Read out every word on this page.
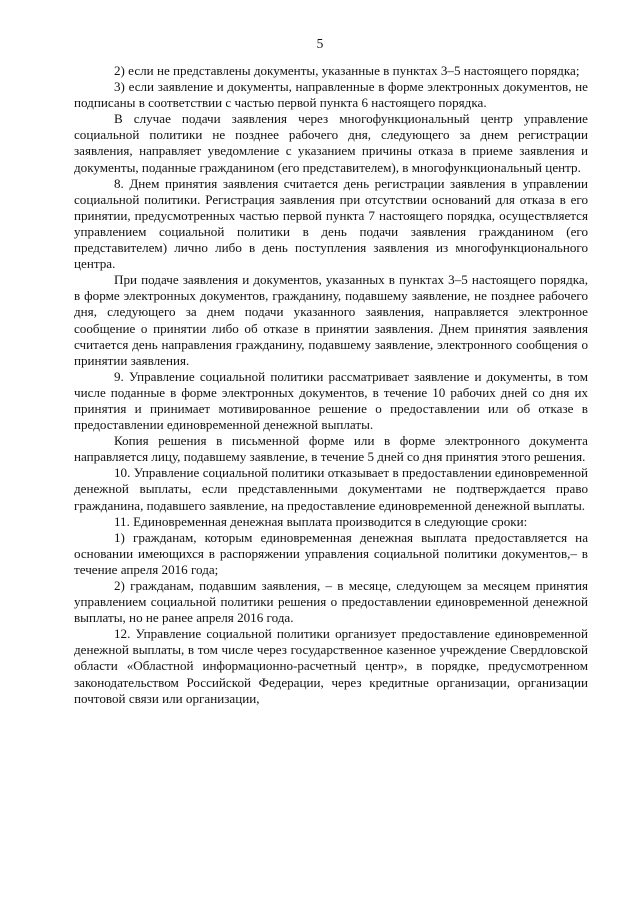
5

2) если не представлены документы, указанные в пунктах 3–5 настоящего порядка;

3) если заявление и документы, направленные в форме электронных документов, не подписаны в соответствии с частью первой пункта 6 настоящего порядка.

В случае подачи заявления через многофункциональный центр управление социальной политики не позднее рабочего дня, следующего за днем регистрации заявления, направляет уведомление с указанием причины отказа в приеме заявления и документы, поданные гражданином (его представителем), в многофункциональный центр.

8. Днем принятия заявления считается день регистрации заявления в управлении социальной политики. Регистрация заявления при отсутствии оснований для отказа в его принятии, предусмотренных частью первой пункта 7 настоящего порядка, осуществляется управлением социальной политики в день подачи заявления гражданином (его представителем) лично либо в день поступления заявления из многофункционального центра.

При подаче заявления и документов, указанных в пунктах 3–5 настоящего порядка, в форме электронных документов, гражданину, подавшему заявление, не позднее рабочего дня, следующего за днем подачи указанного заявления, направляется электронное сообщение о принятии либо об отказе в принятии заявления. Днем принятия заявления считается день направления гражданину, подавшему заявление, электронного сообщения о принятии заявления.

9. Управление социальной политики рассматривает заявление и документы, в том числе поданные в форме электронных документов, в течение 10 рабочих дней со дня их принятия и принимает мотивированное решение о предоставлении или об отказе в предоставлении единовременной денежной выплаты.

Копия решения в письменной форме или в форме электронного документа направляется лицу, подавшему заявление, в течение 5 дней со дня принятия этого решения.

10. Управление социальной политики отказывает в предоставлении единовременной денежной выплаты, если представленными документами не подтверждается право гражданина, подавшего заявление, на предоставление единовременной денежной выплаты.

11. Единовременная денежная выплата производится в следующие сроки:

1) гражданам, которым единовременная денежная выплата предоставляется на основании имеющихся в распоряжении управления социальной политики документов,– в течение апреля 2016 года;

2) гражданам, подавшим заявления, – в месяце, следующем за месяцем принятия управлением социальной политики решения о предоставлении единовременной денежной выплаты, но не ранее апреля 2016 года.

12. Управление социальной политики организует предоставление единовременной денежной выплаты, в том числе через государственное казенное учреждение Свердловской области «Областной информационно-расчетный центр», в порядке, предусмотренном законодательством Российской Федерации, через кредитные организации, организации почтовой связи или организации,
